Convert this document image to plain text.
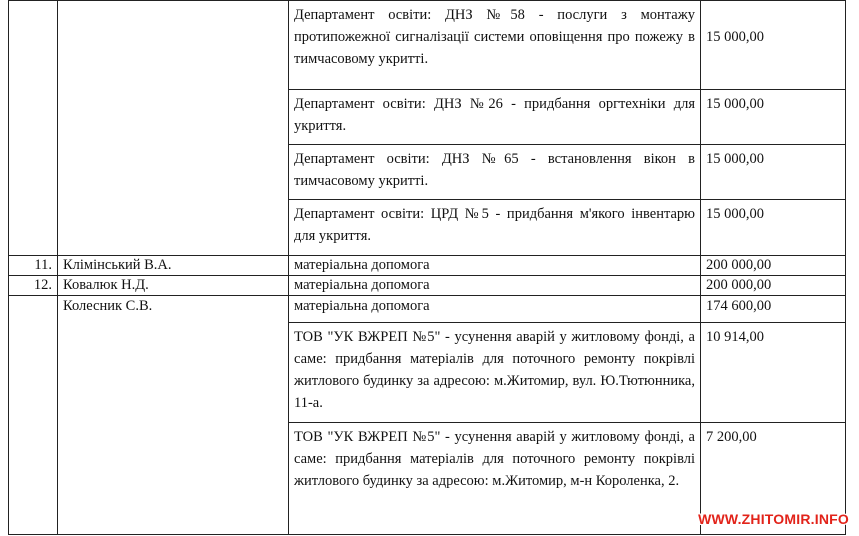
		Департамент освіти: ДНЗ №58 - послуги з монтажу протипожежної сигналізації системи оповіщення про пожежу в тимчасовому укритті.	15 000,00

		Департамент освіти: ДНЗ №26 - придбання оргтехніки для укриття.	15 000,00

		Департамент освіти: ДНЗ №65 - встановлення вікон в тимчасовому укритті.	15 000,00

		Департамент освіти: ЦРД №5 - придбання м'якого інвентарю для укриття.	15 000,00

11.	Клімінський В.А.	матеріальна допомога	200 000,00
12.	Ковалюк Н.Д.	матеріальна допомога	200 000,00
	Колесник С.В.	матеріальна допомога	174 600,00

		ТОВ "УК ВЖРЕП №5" - усунення аварій у житловому фонді, а саме: придбання матеріалів для поточного ремонту покрівлі житлового будинку за адресою: м.Житомир, вул. Ю.Тютюнника, 11-а.	10 914,00

		ТОВ "УК ВЖРЕП №5" - усунення аварій у житловому фонді, а саме: придбання матеріалів для поточного ремонту покрівлі житлового будинку за адресою: м.Житомир, м-н Короленка, 2.	7 200,00
WWW.ZHITOMIR.INFO
